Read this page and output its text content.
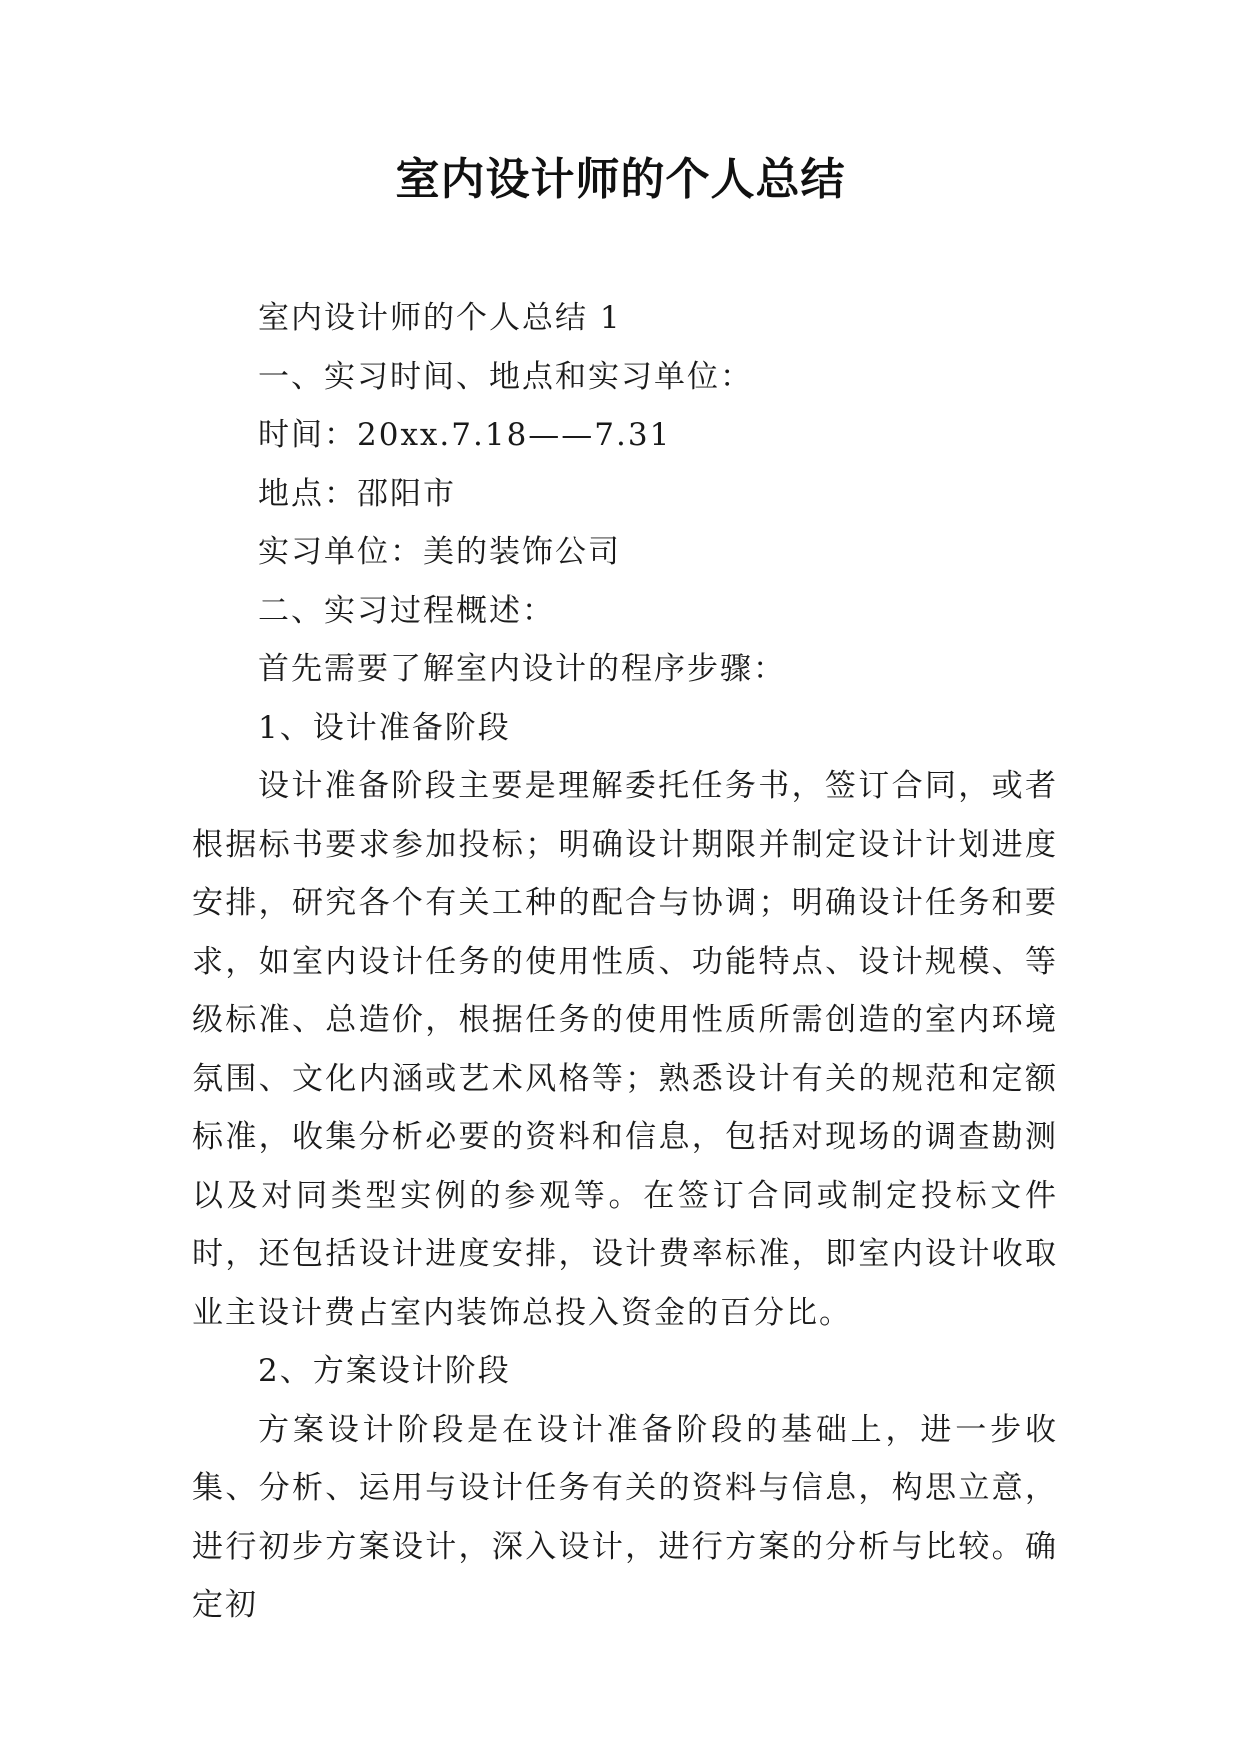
室内设计师的个人总结

室内设计师的个人总结 1

一、实习时间、地点和实习单位：

时间：20xx.7.18——7.31

地点：邵阳市

实习单位：美的装饰公司

二、实习过程概述：

首先需要了解室内设计的程序步骤：

1、设计准备阶段

设计准备阶段主要是理解委托任务书，签订合同，或者根据标书要求参加投标；明确设计期限并制定设计计划进度安排，研究各个有关工种的配合与协调；明确设计任务和要求，如室内设计任务的使用性质、功能特点、设计规模、等级标准、总造价，根据任务的使用性质所需创造的室内环境氛围、文化内涵或艺术风格等；熟悉设计有关的规范和定额标准，收集分析必要的资料和信息，包括对现场的调查勘测以及对同类型实例的参观等。在签订合同或制定投标文件时，还包括设计进度安排，设计费率标准，即室内设计收取业主设计费占室内装饰总投入资金的百分比。

2、方案设计阶段

方案设计阶段是在设计准备阶段的基础上，进一步收集、分析、运用与设计任务有关的资料与信息，构思立意，进行初步方案设计，深入设计，进行方案的分析与比较。确定初
